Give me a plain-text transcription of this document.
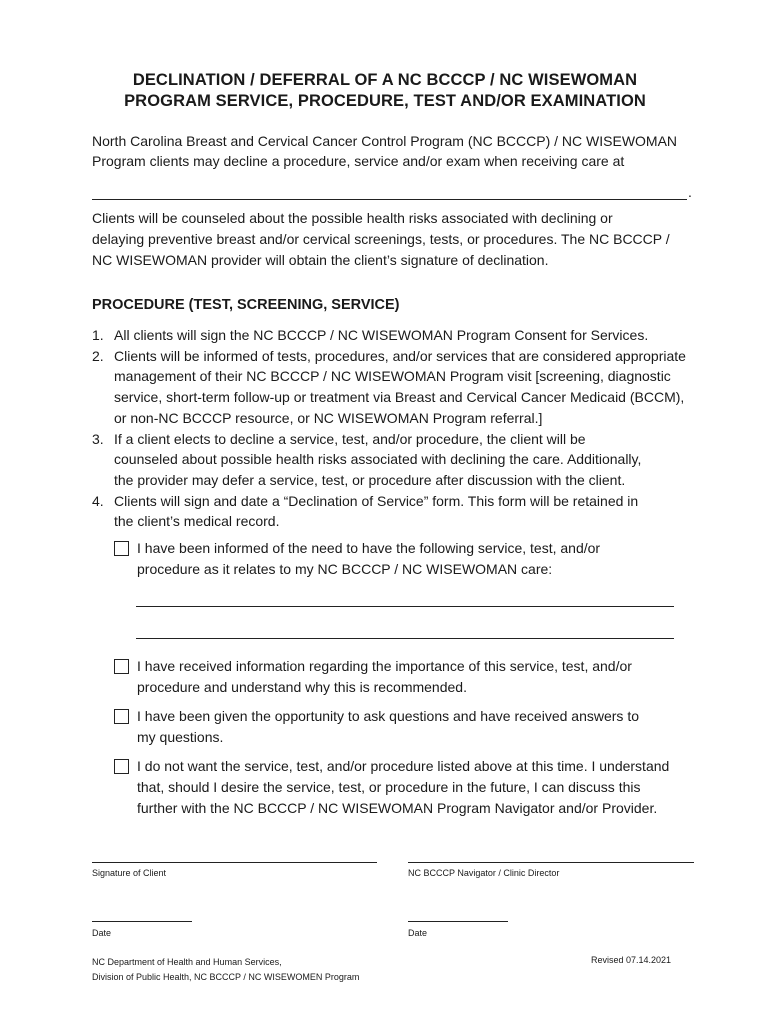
DECLINATION / DEFERRAL OF A NC BCCCP / NC WISEWOMAN
PROGRAM SERVICE, PROCEDURE, TEST AND/OR EXAMINATION
North Carolina Breast and Cervical Cancer Control Program (NC BCCCP) / NC WISEWOMAN
Program clients may decline a procedure, service and/or exam when receiving care at
.
Clients will be counseled about the possible health risks associated with declining or
delaying preventive breast and/or cervical screenings, tests, or procedures. The NC BCCCP /
NC WISEWOMAN provider will obtain the client’s signature of declination.
PROCEDURE (TEST, SCREENING, SERVICE)
1. All clients will sign the NC BCCCP / NC WISEWOMAN Program Consent for Services.
2. Clients will be informed of tests, procedures, and/or services that are considered appropriate
management of their NC BCCCP / NC WISEWOMAN Program visit [screening, diagnostic
service, short-term follow-up or treatment via Breast and Cervical Cancer Medicaid (BCCM),
or non-NC BCCCP resource, or NC WISEWOMAN Program referral.]
3. If a client elects to decline a service, test, and/or procedure, the client will be
counseled about possible health risks associated with declining the care. Additionally,
the provider may defer a service, test, or procedure after discussion with the client.
4. Clients will sign and date a “Declination of Service” form. This form will be retained in
the client’s medical record.
I have been informed of the need to have the following service, test, and/or
procedure as it relates to my NC BCCCP / NC WISEWOMAN care:
I have received information regarding the importance of this service, test, and/or
procedure and understand why this is recommended.
I have been given the opportunity to ask questions and have received answers to
my questions.
I do not want the service, test, and/or procedure listed above at this time. I understand
that, should I desire the service, test, or procedure in the future, I can discuss this
further with the NC BCCCP / NC WISEWOMAN Program Navigator and/or Provider.
Signature of Client	NC BCCCP Navigator / Clinic Director
Date	Date
NC Department of Health and Human Services,
Division of Public Health, NC BCCCP / NC WISEWOMEN Program
Revised 07.14.2021
